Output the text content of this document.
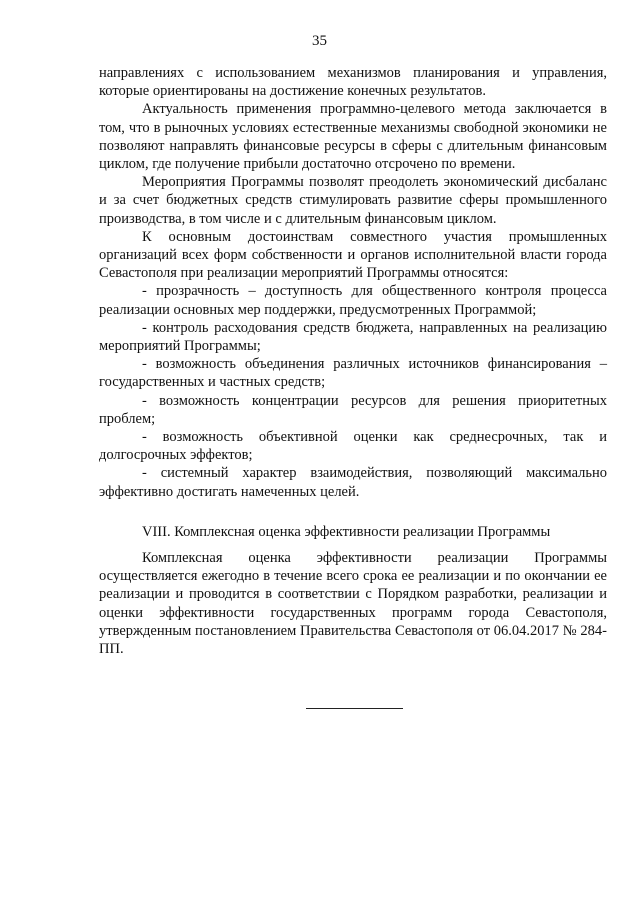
35

направлениях с использованием механизмов планирования и управления, которые ориентированы на достижение конечных результатов.

Актуальность применения программно-целевого метода заключается в том, что в рыночных условиях естественные механизмы свободной экономики не позволяют направлять финансовые ресурсы в сферы с длительным финансовым циклом, где получение прибыли достаточно отсрочено по времени.

Мероприятия Программы позволят преодолеть экономический дисбаланс и за счет бюджетных средств стимулировать развитие сферы промышленного производства, в том числе и с длительным финансовым циклом.

К основным достоинствам совместного участия промышленных организаций всех форм собственности и органов исполнительной власти города Севастополя при реализации мероприятий Программы относятся:

- прозрачность – доступность для общественного контроля процесса реализации основных мер поддержки, предусмотренных Программой;

- контроль расходования средств бюджета, направленных на реализацию мероприятий Программы;

- возможность объединения различных источников финансирования – государственных и частных средств;

- возможность концентрации ресурсов для решения приоритетных проблем;

- возможность объективной оценки как среднесрочных, так и долгосрочных эффектов;

- системный характер взаимодействия, позволяющий максимально эффективно достигать намеченных целей.

VIII. Комплексная оценка эффективности реализации Программы

Комплексная оценка эффективности реализации Программы осуществляется ежегодно в течение всего срока ее реализации и по окончании ее реализации и проводится в соответствии с Порядком разработки, реализации и оценки эффективности государственных программ города Севастополя, утвержденным постановлением Правительства Севастополя от 06.04.2017 № 284-ПП.
